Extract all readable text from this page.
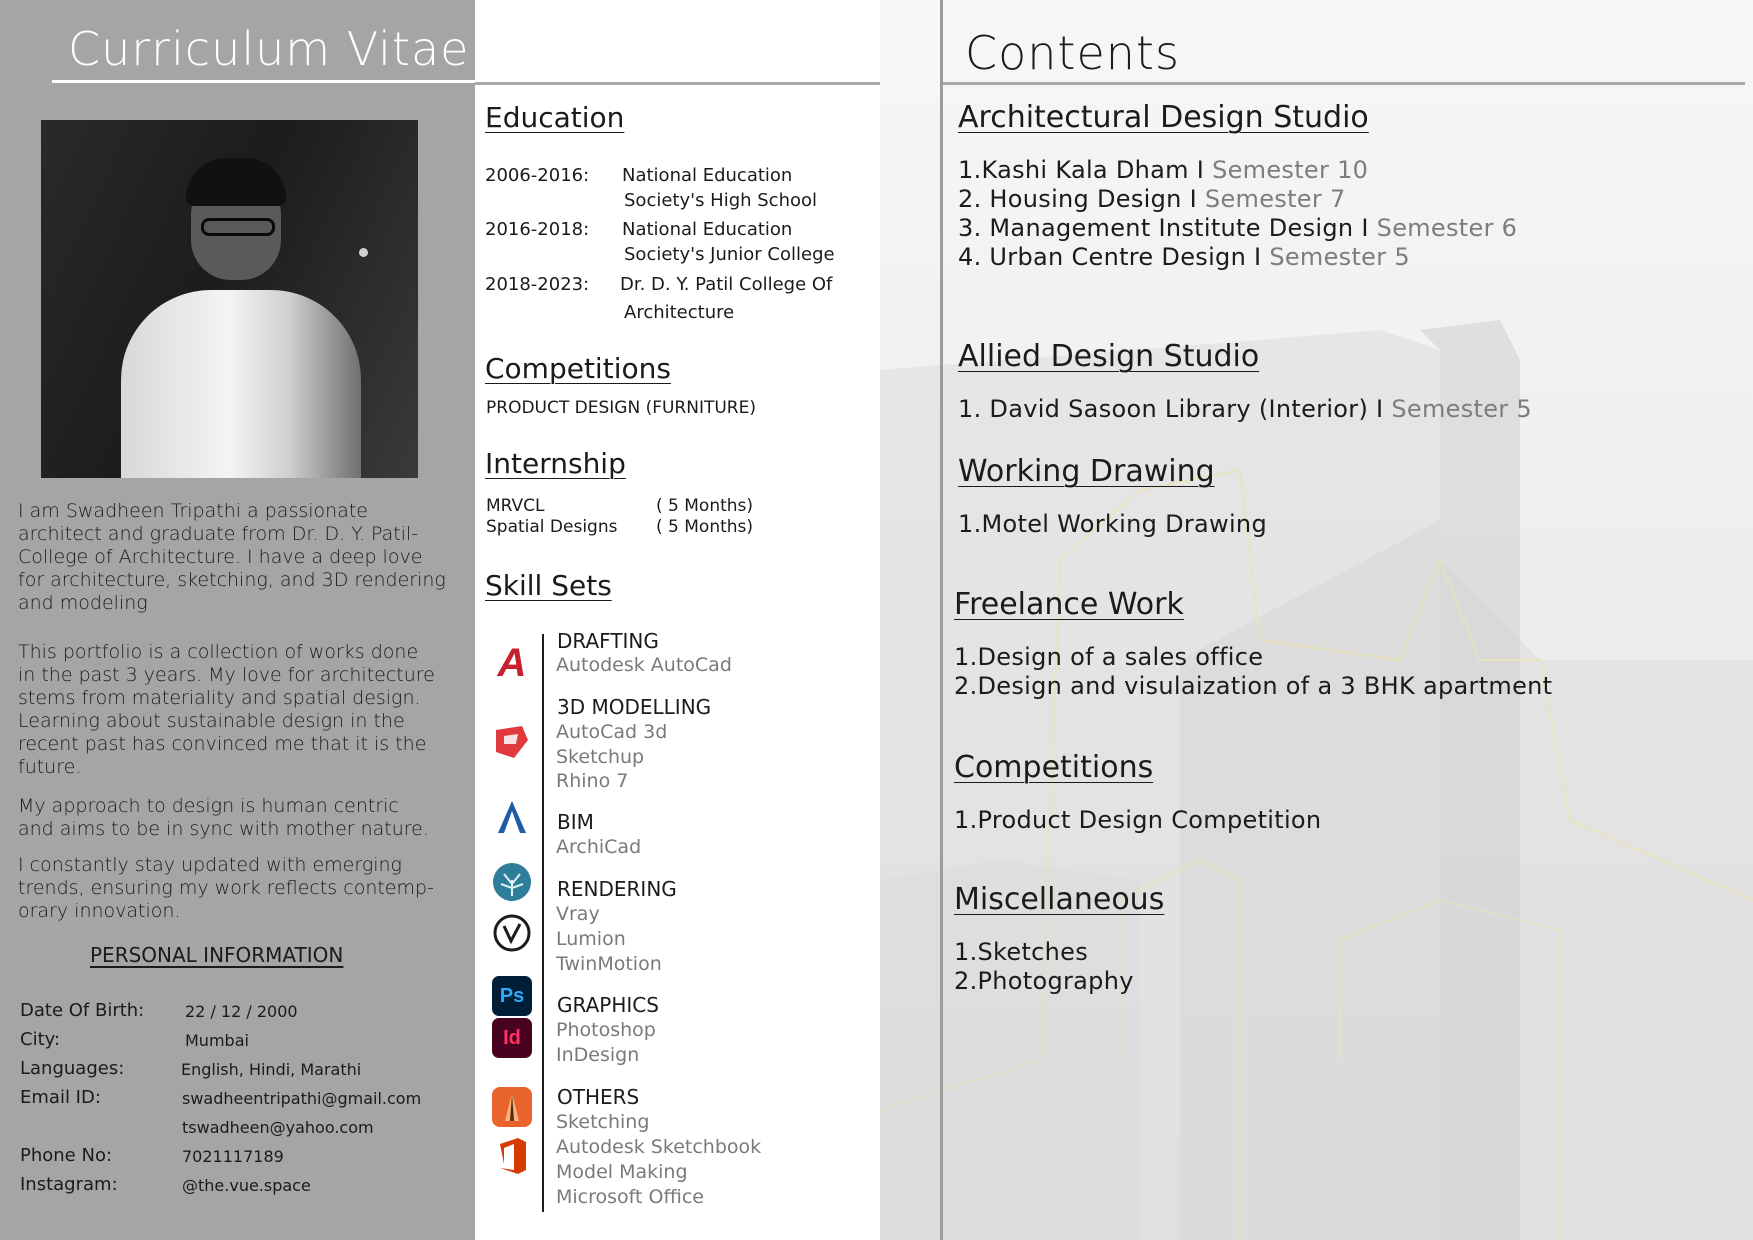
Curriculum Vitae

I am Swadheen Tripathi a passionate
architect and graduate from Dr. D. Y. Patil-
College of Architecture. I have a deep love
for architecture, sketching, and 3D rendering
and modeling

This portfolio is a collection of works done
in the past 3 years. My love for architecture
stems from materiality and spatial design.
Learning about sustainable design in the
recent past has convinced me that it is the
future.

My approach to design is human centric
and aims to be in sync with mother nature.

I constantly stay updated with emerging
trends, ensuring my work reflects contemp-
orary innovation.

PERSONAL INFORMATION
Date Of Birth:	22 / 12 / 2000
City:	Mumbai
Languages:	English, Hindi, Marathi
Email ID:	swadheentripathi@gmail.com
tswadheen@yahoo.com
Phone No:	7021117189
Instagram:	@the.vue.space
Education
2006-2016: National Education
Society's High School
2016-2018: National Education
Society's Junior College
2018-2023: Dr. D. Y. Patil College Of
Architecture
Competitions
PRODUCT DESIGN (FURNITURE)
Internship
MRVCL	( 5 Months)
Spatial Designs ( 5 Months)
Skill Sets
A
Ps
Id
DRAFTING
Autodesk AutoCad
3D MODELLING
AutoCad 3d
Sketchup
Rhino 7
BIM
ArchiCad
RENDERING
Vray
Lumion
TwinMotion
GRAPHICS
Photoshop
InDesign
OTHERS
Sketching
Autodesk Sketchbook
Model Making
Microsoft Office
Contents
Architectural Design Studio
1.Kashi Kala Dham I Semester 10
2. Housing Design I Semester 7
3. Management Institute Design I Semester 6
4. Urban Centre Design I Semester 5
Allied Design Studio
1. David Sasoon Library (Interior) I Semester 5
Working Drawing
1.Motel Working Drawing
Freelance Work
1.Design of a sales office
2.Design and visulaization of a 3 BHK apartment
Competitions
1.Product Design Competition
Miscellaneous
1.Sketches
2.Photography
